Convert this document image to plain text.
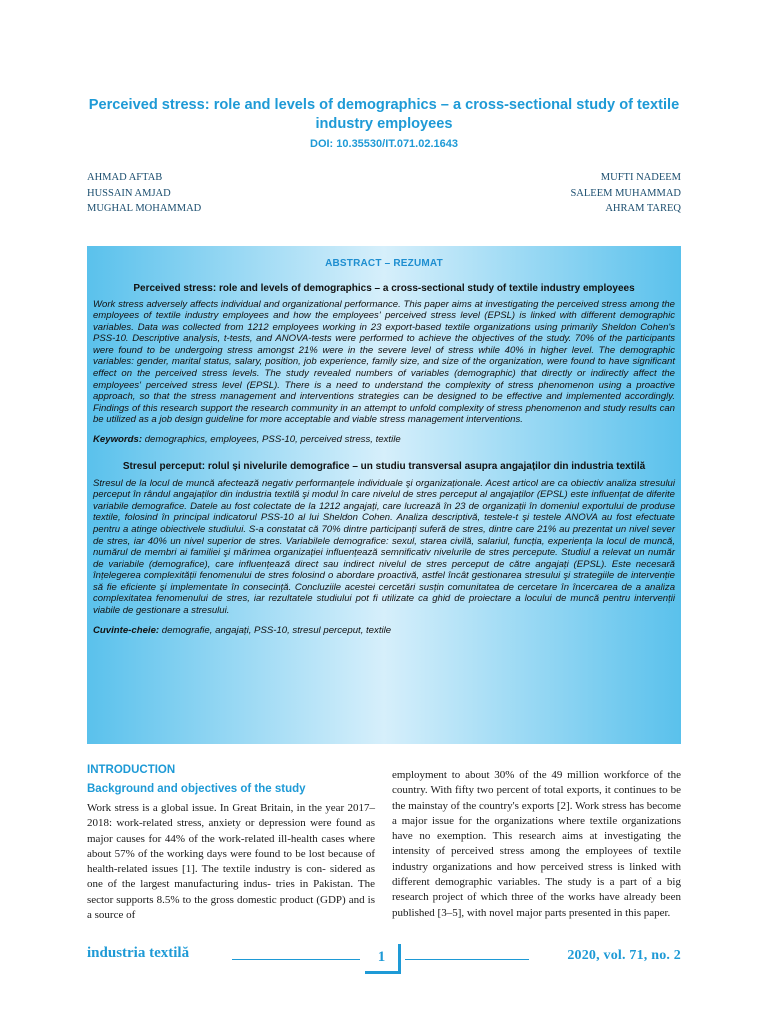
Perceived stress: role and levels of demographics – a cross-sectional study of textile industry employees

DOI: 10.35530/IT.071.02.1643

AHMAD AFTAB
HUSSAIN AMJAD
MUGHAL MOHAMMAD
MUFTI NADEEM
SALEEM MUHAMMAD
AHRAM TAREQ

ABSTRACT – REZUMAT

Perceived stress: role and levels of demographics – a cross-sectional study of textile industry employees

Work stress adversely affects individual and organizational performance. This paper aims at investigating the perceived stress among the employees of textile industry employees and how the employees' perceived stress level (EPSL) is linked with different demographic variables. Data was collected from 1212 employees working in 23 export-based textile organizations using primarily Sheldon Cohen's PSS-10. Descriptive analysis, t-tests, and ANOVA-tests were performed to achieve the objectives of the study. 70% of the participants were found to be undergoing stress amongst 21% were in the severe level of stress while 40% in higher level. The demographic variables: gender, marital status, salary, position, job experience, family size, and size of the organization, were found to have significant effect on the perceived stress levels. The study revealed numbers of variables (demographic) that directly or indirectly affect the employees' perceived stress level (EPSL). There is a need to understand the complexity of stress phenomenon using a proactive approach, so that the stress management and interventions strategies can be designed to be effective and implemented accordingly. Findings of this research support the research community in an attempt to unfold complexity of stress phenomenon and study results can be utilized as a job design guideline for more acceptable and viable stress management interventions.

Keywords: demographics, employees, PSS-10, perceived stress, textile

Stresul perceput: rolul și nivelurile demografice – un studiu transversal asupra angajaților din industria textilă

Stresul de la locul de muncă afectează negativ performanțele individuale şi organizaționale. Acest articol are ca obiectiv analiza stresului perceput în rândul angajaților din industria textilă şi modul în care nivelul de stres perceput al angajaților (EPSL) este influențat de diferite variabile demografice. Datele au fost colectate de la 1212 angajați, care lucrează în 23 de organizații în domeniul exportului de produse textile, folosind în principal indicatorul PSS-10 al lui Sheldon Cohen. Analiza descriptivă, testele-t şi testele ANOVA au fost efectuate pentru a atinge obiectivele studiului. S-a constatat că 70% dintre participanți suferă de stres, dintre care 21% au prezentat un nivel sever de stres, iar 40% un nivel superior de stres. Variabilele demografice: sexul, starea civilă, salariul, funcția, experiența la locul de muncă, numărul de membri ai familiei şi mărimea organizației influențează semnificativ nivelurile de stres percepute. Studiul a relevat un număr de variabile (demografice), care influențează direct sau indirect nivelul de stres perceput de către angajați (EPSL). Este necesară înțelegerea complexității fenomenului de stres folosind o abordare proactivă, astfel încât gestionarea stresului şi strategiile de intervenție să fie eficiente şi implementate în consecință. Concluziile acestei cercetări susțin comunitatea de cercetare în încercarea de a analiza complexitatea fenomenului de stres, iar rezultatele studiului pot fi utilizate ca ghid de proiectare a locului de muncă pentru intervenții viabile de gestionare a stresului.

Cuvinte-cheie: demografie, angajați, PSS-10, stresul perceput, textile

INTRODUCTION

Background and objectives of the study

Work stress is a global issue. In Great Britain, in the year 2017–2018: work-related stress, anxiety or depression were found as major causes for 44% of the work-related ill-health cases where about 57% of the working days were found to be lost because of health-related issues [1]. The textile industry is con- sidered as one of the largest manufacturing indus- tries in Pakistan. The sector supports 8.5% to the gross domestic product (GDP) and is a source of

employment to about 30% of the 49 million workforce of the country. With fifty two percent of total exports, it continues to be the mainstay of the country's exports [2]. Work stress has become a major issue for the organizations where textile organizations have no exemption. This research aims at investigating the intensity of perceived stress among the employees of textile industry organizations and how perceived stress is linked with different demographic variables. The study is a part of a big research project of which three of the works have already been published [3–5], with novel major parts presented in this paper.

industria textilă	1	2020, vol. 71, no. 2
